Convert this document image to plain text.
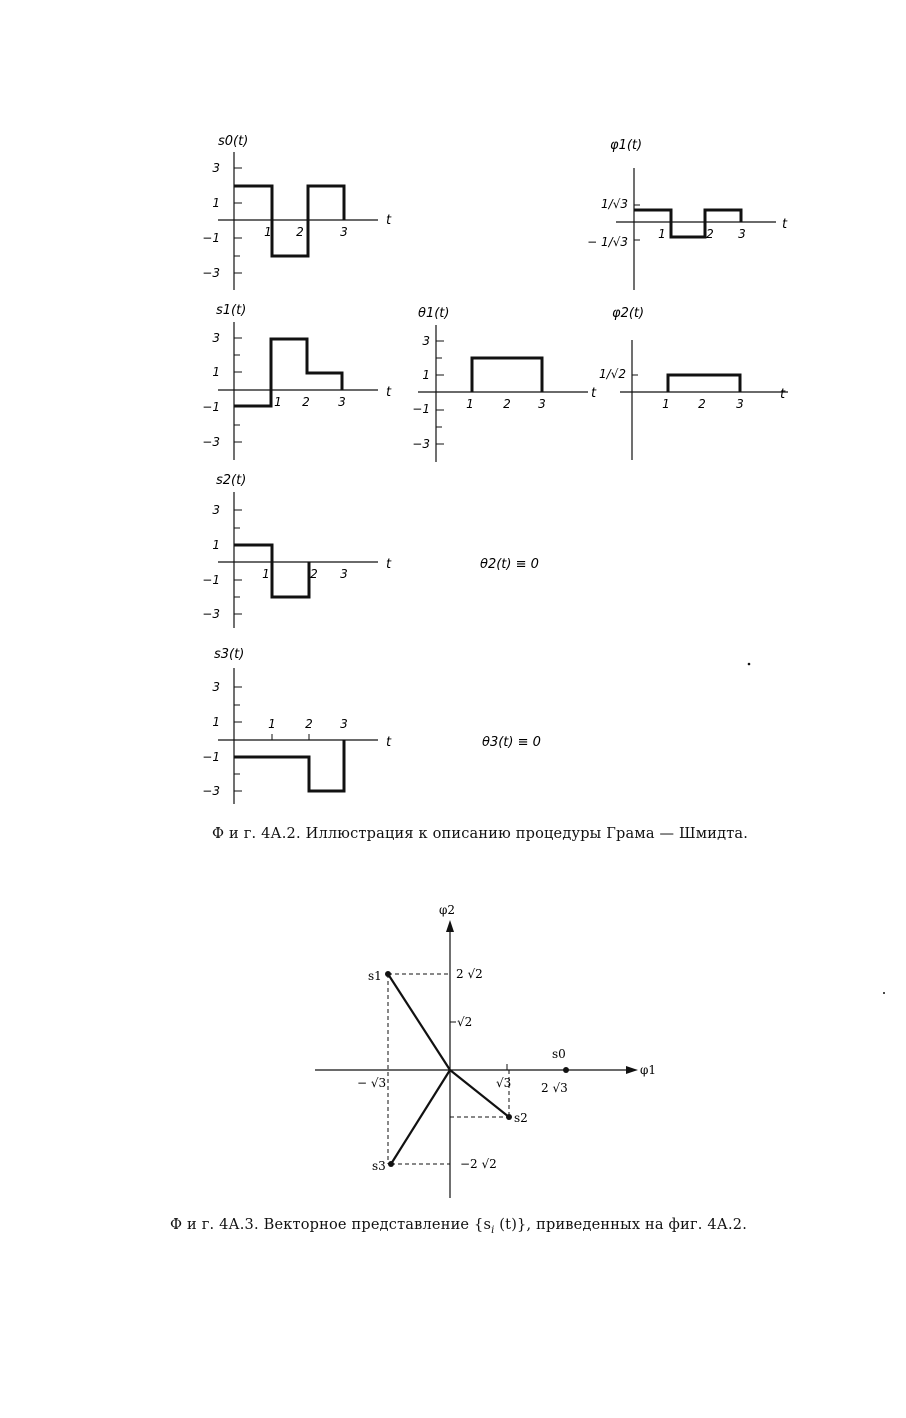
s0(t)
3
1
−1
−3
1 2	3
t
φ1(t)
1/√3
− 1/√3
1	2 3
t
s1(t)
3
1
−1
−3
1 2 3
t
θ1(t)
3
1
−1
−3
1 2 3
t
φ2(t)
1/√2
1 2	3
t
s2(t)
3
1
−1
−3
1	2 3
t	θ2(t) ≡ 0
s3(t)
3
1
−1
−3
1 2 3
t	θ3(t) ≡ 0
φ1
φ2
s1
s2
s3
s0
2 √2
√2
−2 √2
− √3	√3 2 √3
Ф и г. 4А.2. Иллюстрация к описанию процедуры Грама — Шмидта.
Ф и г. 4А.3. Векторное представление {$s_i$ (t)}, приведенных на фиг. 4А.2.
